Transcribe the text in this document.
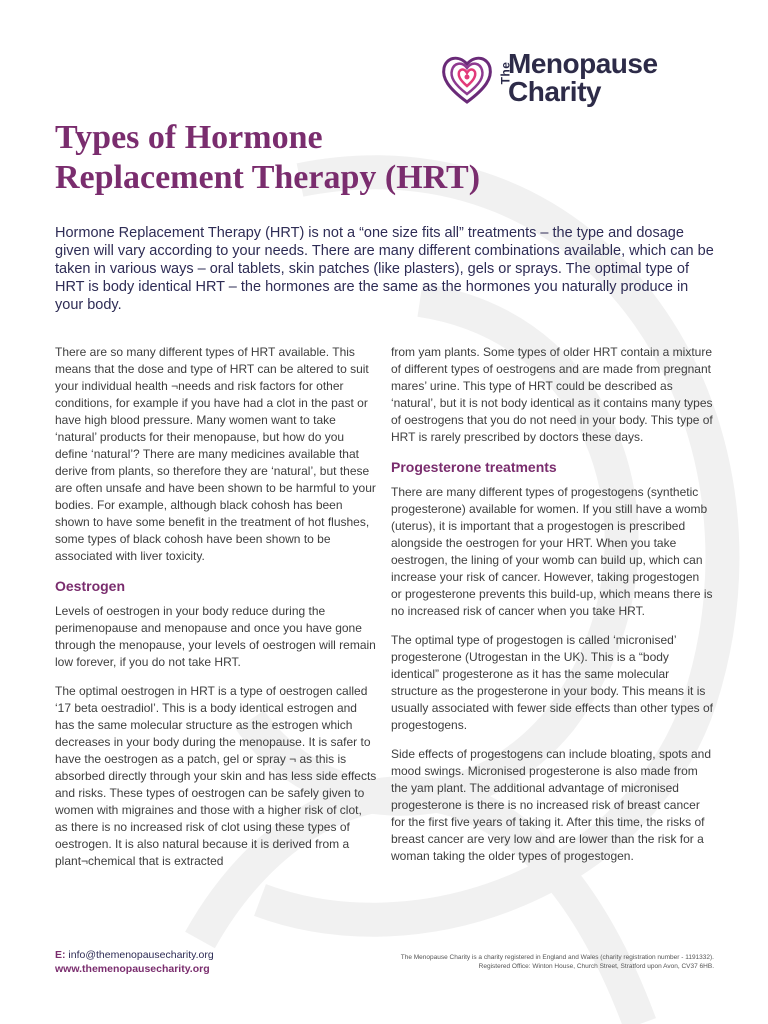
The
Menopause
Charity
Types of Hormone
Replacement Therapy (HRT)

Hormone Replacement Therapy (HRT) is not a “one size fits all” treatments – the type and dosage given will vary according to your needs. There are many different combinations available, which can be taken in various ways – oral tablets, skin patches (like plasters), gels or sprays. The optimal type of HRT is body identical HRT – the hormones are the same as the hormones you naturally produce in your body.

There are so many different types of HRT available. This means that the dose and type of HRT can be altered to suit your individual health ¬needs and risk factors for other conditions, for example if you have had a clot in the past or have high blood pressure. Many women want to take ‘natural’ products for their menopause, but how do you define ‘natural’? There are many medicines available that derive from plants, so therefore they are ‘natural’, but these are often unsafe and have been shown to be harmful to your bodies. For example, although black cohosh has been shown to have some benefit in the treatment of hot flushes, some types of black cohosh have been shown to be associated with liver toxicity.

Oestrogen

Levels of oestrogen in your body reduce during the perimenopause and menopause and once you have gone through the menopause, your levels of oestrogen will remain low forever, if you do not take HRT.

The optimal oestrogen in HRT is a type of oestrogen called ‘17 beta oestradiol’. This is a body identical estrogen and has the same molecular structure as the estrogen which decreases in your body during the menopause. It is safer to have the oestrogen as a patch, gel or spray ¬ as this is absorbed directly through your skin and has less side effects and risks. These types of oestrogen can be safely given to women with migraines and those with a higher risk of clot, as there is no increased risk of clot using these types of oestrogen. It is also natural because it is derived from a plant¬chemical that is extracted

from yam plants. Some types of older HRT contain a mixture of different types of oestrogens and are made from pregnant mares’ urine. This type of HRT could be described as ‘natural’, but it is not body identical as it contains many types of oestrogens that you do not need in your body. This type of HRT is rarely prescribed by doctors these days.

Progesterone treatments

There are many different types of progestogens (synthetic progesterone) available for women. If you still have a womb (uterus), it is important that a progestogen is prescribed alongside the oestrogen for your HRT. When you take oestrogen, the lining of your womb can build up, which can increase your risk of cancer. However, taking progestogen or progesterone prevents this build-up, which means there is no increased risk of cancer when you take HRT.

The optimal type of progestogen is called ‘micronised’ progesterone (Utrogestan in the UK). This is a “body identical” progesterone as it has the same molecular structure as the progesterone in your body. This means it is usually associated with fewer side effects than other types of progestogens.

Side effects of progestogens can include bloating, spots and mood swings. Micronised progesterone is also made from the yam plant. The additional advantage of micronised progesterone is there is no increased risk of breast cancer for the first five years of taking it. After this time, the risks of breast cancer are very low and are lower than the risk for a woman taking the older types of progestogen.

E: info@themenopausecharity.org
www.themenopausecharity.org
The Menopause Charity is a charity registered in England and Wales (charity registration number - 1191332).
Registered Office: Winton House, Church Street, Stratford upon Avon, CV37 6HB.
